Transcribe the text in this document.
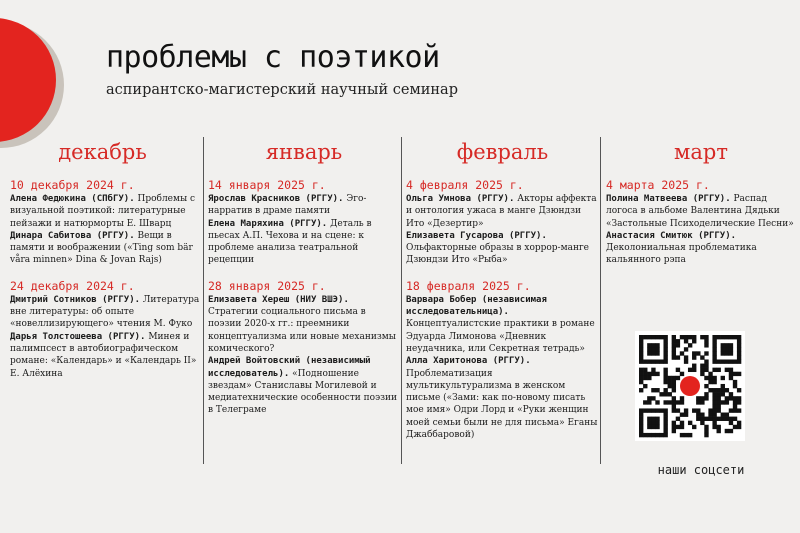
проблемы с поэтикой
аспирантско-магистерский научный семинар
декабрь
10 декабря 2024 г.
Алена Федюкина (СПбГУ). Проблемы с визуальной поэтикой: литературные пейзажи и натюрморты Е. Шварц
Динара Сабитова (РГГУ). Вещи в памяти и воображении («Ting som bär våra minnen» Dina & Jovan Rajs)
24 декабря 2024 г.
Дмитрий Сотников (РГГУ). Литература вне литературы: об опыте «новеллизирующего» чтения М. Фуко
Дарья Толстошеева (РГГУ). Минея и палимпсест в автобиографическом романе: «Календарь» и «Календарь II» Е. Алёхина
январь
14 января 2025 г.
Ярослав Красников (РГГУ). Эго-нарратив в драме памяти
Елена Маряхина (РГГУ). Деталь в пьесах А.П. Чехова и на сцене: к проблеме анализа театральной рецепции
28 января 2025 г.
Елизавета Хереш (НИУ ВШЭ). Стратегии социального письма в поэзии 2020-х гг.: преемники концептуализма или новые механизмы комического?
Андрей Войтовский (независимый исследователь). «Подношение звездам» Станиславы Могилевой и медиатехнические особенности поэзии в Телеграме
февраль
4 февраля 2025 г.
Ольга Умнова (РГГУ). Акторы аффекта и онтология ужаса в манге Дзюндзи Ито «Дезертир»
Елизавета Гусарова (РГГУ). Ольфакторные образы в хоррор-манге Дзюндзи Ито «Рыба»
18 февраля 2025 г.
Варвара Бобер (независимая исследовательница). Концептуалистские практики в романе Эдуарда Лимонова «Дневник неудачника, или Секретная тетрадь»
Алла Харитонова (РГГУ). Проблематизация мультикультурализма в женском письме («Зами: как по-новому писать мое имя» Одри Лорд и «Руки женщин моей семьи были не для письма» Еганы Джаббаровой)
март
4 марта 2025 г.
Полина Матвеева (РГГУ). Распад логоса в альбоме Валентина Дядьки «Застольные Психоделические Песни»
Анастасия Смитюк (РГГУ). Деколониальная проблематика кальянного рэпа
наши соцсети
